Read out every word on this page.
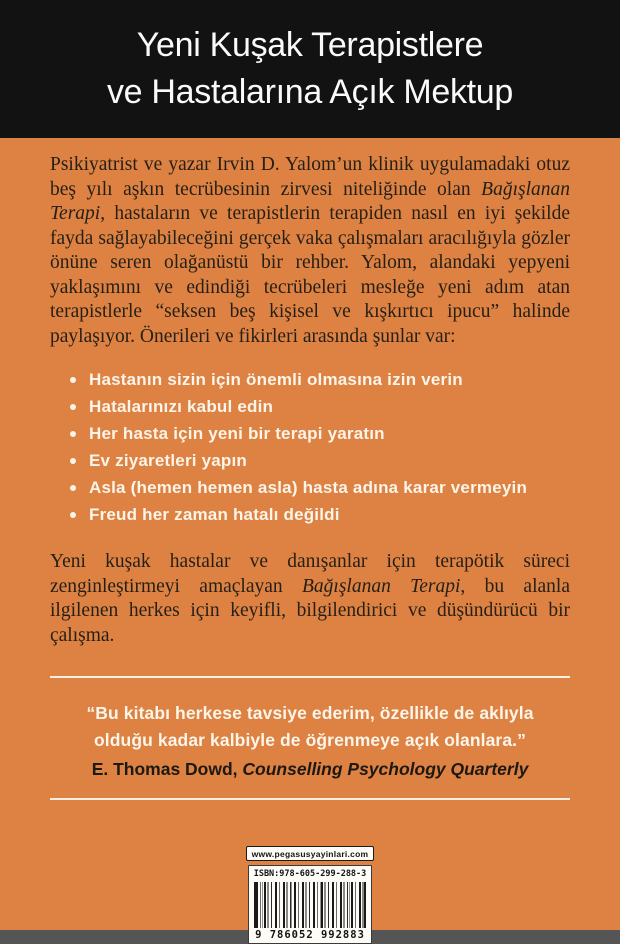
Yeni Kuşak Terapistlere
ve Hastalarına Açık Mektup

Psikiyatrist ve yazar Irvin D. Yalom’un klinik uygulamadaki otuz beş yılı aşkın tecrübesinin zirvesi niteliğinde olan Bağışlanan Terapi, hastaların ve terapistlerin terapiden nasıl en iyi şekilde fayda sağlayabileceğini gerçek vaka çalışmaları aracılığıyla gözler önüne seren olağanüstü bir rehber. Yalom, alandaki yepyeni yaklaşımını ve edindiği tecrübeleri mesleğe yeni adım atan terapistlerle “seksen beş kişisel ve kışkırtıcı ipucu” halinde paylaşıyor. Önerileri ve fikirleri arasında şunlar var:

Hastanın sizin için önemli olmasına izin verin
Hatalarınızı kabul edin
Her hasta için yeni bir terapi yaratın
Ev ziyaretleri yapın
Asla (hemen hemen asla) hasta adına karar vermeyin
Freud her zaman hatalı değildi

Yeni kuşak hastalar ve danışanlar için terapötik süreci zenginleştirmeyi amaçlayan Bağışlanan Terapi, bu alanla ilgilenen herkes için keyifli, bilgilendirici ve düşündürücü bir çalışma.

“Bu kitabı herkese tavsiye ederim, özellikle de aklıyla olduğu kadar kalbiyle de öğrenmeye açık olanlara.”
E. Thomas Dowd, Counselling Psychology Quarterly
www.pegasusyayinlari.com
ISBN:978-605-299-288-3
9 786052 992883
